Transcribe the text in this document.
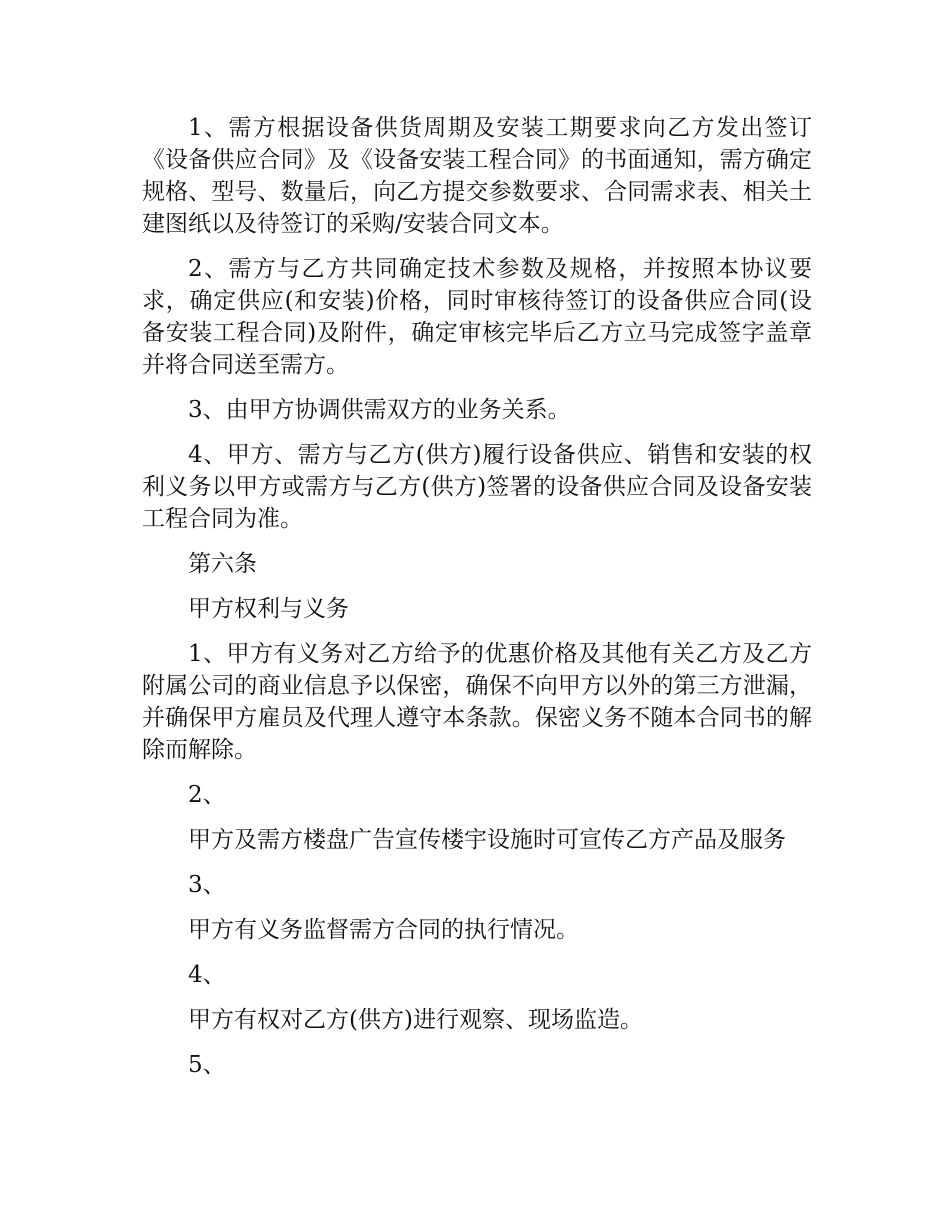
1、需方根据设备供货周期及安装工期要求向乙方发出签订《设备供应合同》及《设备安装工程合同》的书面通知，需方确定规格、型号、数量后，向乙方提交参数要求、合同需求表、相关土建图纸以及待签订的采购/安装合同文本。

2、需方与乙方共同确定技术参数及规格，并按照本协议要求，确定供应(和安装)价格，同时审核待签订的设备供应合同(设备安装工程合同)及附件，确定审核完毕后乙方立马完成签字盖章并将合同送至需方。

3、由甲方协调供需双方的业务关系。

4、甲方、需方与乙方(供方)履行设备供应、销售和安装的权利义务以甲方或需方与乙方(供方)签署的设备供应合同及设备安装工程合同为准。

第六条

甲方权利与义务

1、甲方有义务对乙方给予的优惠价格及其他有关乙方及乙方附属公司的商业信息予以保密，确保不向甲方以外的第三方泄漏，并确保甲方雇员及代理人遵守本条款。保密义务不随本合同书的解除而解除。

2、

甲方及需方楼盘广告宣传楼宇设施时可宣传乙方产品及服务

3、

甲方有义务监督需方合同的执行情况。

4、

甲方有权对乙方(供方)进行观察、现场监造。

5、
